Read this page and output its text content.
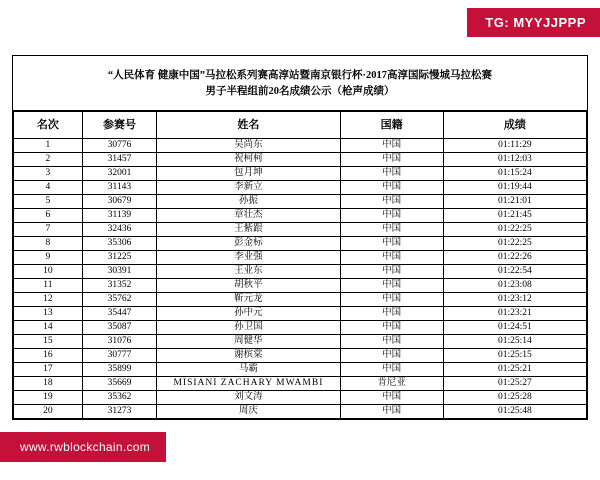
TG: MYYJJPPP
“人民体育 健康中国”马拉松系列赛高淳站暨南京银行杯·2017高淳国际慢城马拉松赛
男子半程组前20名成绩公示（枪声成绩）
名次	参赛号	姓名	国籍	成绩
1	30776	吴尚东	中国	01:11:29
2	31457	祝柯柯	中国	01:12:03
3	32001	包月坤	中国	01:15:24
4	31143	李新立	中国	01:19:44
5	30679	孙振	中国	01:21:01
6	31139	章壮杰	中国	01:21:45
7	32436	王紫跟	中国	01:22:25
8	35306	彭金标	中国	01:22:25
9	31225	李业强	中国	01:22:26
10	30391	王业东	中国	01:22:54
11	31352	胡秋平	中国	01:23:08
12	35762	靳元龙	中国	01:23:12
13	35447	孙中元	中国	01:23:21
14	35087	孙卫国	中国	01:24:51
15	31076	周健华	中国	01:25:14
16	30777	谢槟棠	中国	01:25:15
17	35899	马霸	中国	01:25:21
18	35669	MISIANI ZACHARY MWAMBI	肯尼亚	01:25:27
19	35362	刘文涛	中国	01:25:28
20	31273	周庆	中国	01:25:48
www.rwblockchain.com
